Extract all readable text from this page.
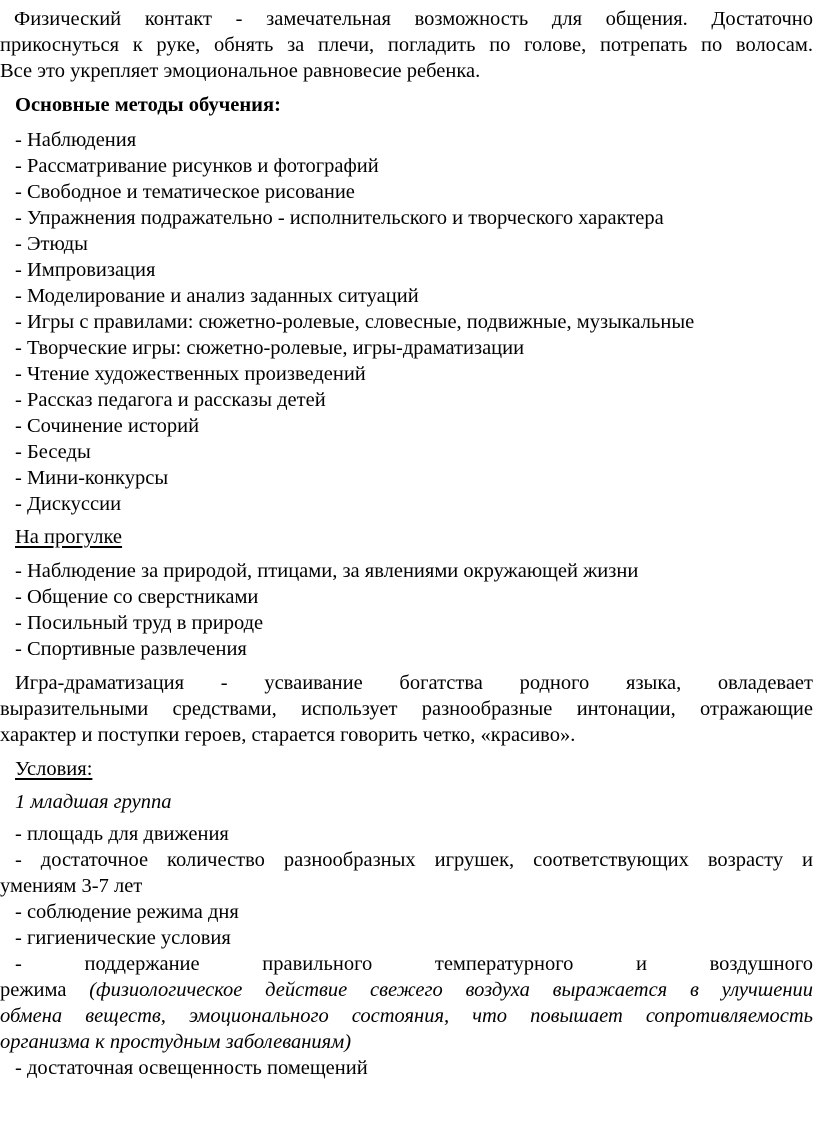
Физический контакт - замечательная возможность для общения. Достаточно

прикоснуться к руке, обнять за плечи, погладить по голове, потрепать по волосам.

Все это укрепляет эмоциональное равновесие ребенка.

Основные методы обучения:

- Наблюдения
- Рассматривание рисунков и фотографий
- Свободное и тематическое рисование
- Упражнения подражательно - исполнительского и творческого характера
- Этюды
- Импровизация
- Моделирование и анализ заданных ситуаций
- Игры с правилами: сюжетно-ролевые, словесные, подвижные, музыкальные
- Творческие игры: сюжетно-ролевые, игры-драматизации
- Чтение художественных произведений
- Рассказ педагога и рассказы детей
- Сочинение историй
- Беседы
- Мини-конкурсы
- Дискуссии

На прогулке

- Наблюдение за природой, птицами, за явлениями окружающей жизни
- Общение со сверстниками
- Посильный труд в природе
- Спортивные развлечения

Игра-драматизация - усваивание богатства родного языка, овладевает

выразительными средствами, использует разнообразные интонации, отражающие

характер и поступки героев, старается говорить четко, «красиво».

Условия:

1 младшая группа

- площадь для движения

- достаточное количество разнообразных игрушек, соответствующих возрасту и

умениям 3-7 лет

- соблюдение режима дня

- гигиенические условия

- поддержание правильного температурного и воздушного

режима (физиологическое действие свежего воздуха выражается в улучшении

обмена веществ, эмоционального состояния, что повышает сопротивляемость

организма к простудным заболеваниям)

- достаточная освещенность помещений
